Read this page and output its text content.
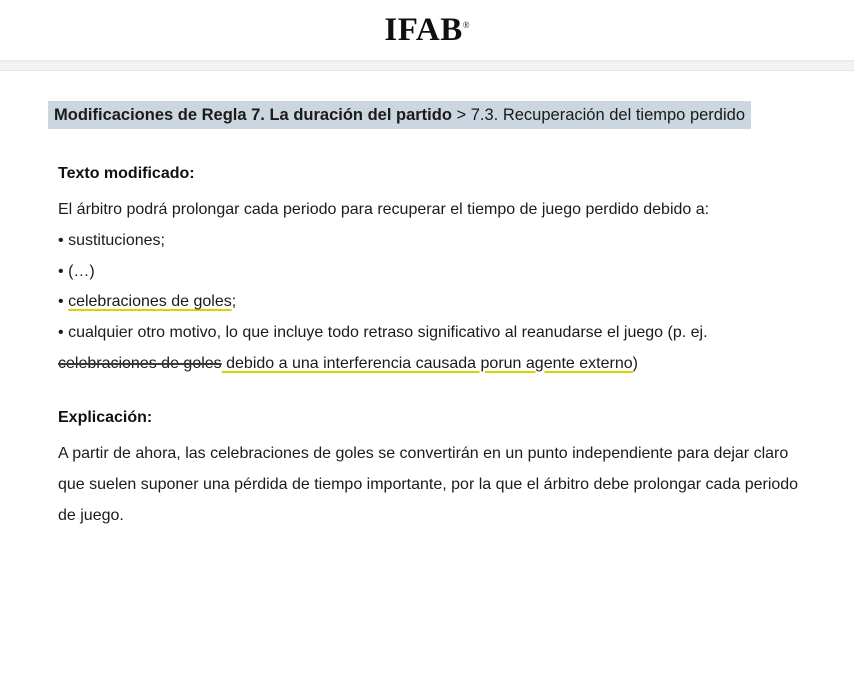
IFAB®
Modificaciones de Regla 7. La duración del partido > 7.3. Recuperación del tiempo perdido
Texto modificado:
El árbitro podrá prolongar cada periodo para recuperar el tiempo de juego perdido debido a:
• sustituciones;
• (…)
• celebraciones de goles;
• cualquier otro motivo, lo que incluye todo retraso significativo al reanudarse el juego (p. ej. celebraciones de goles debido a una interferencia causada porun agente externo)
Explicación:
A partir de ahora, las celebraciones de goles se convertirán en un punto independiente para dejar claro que suelen suponer una pérdida de tiempo importante, por la que el árbitro debe prolongar cada periodo de juego.
